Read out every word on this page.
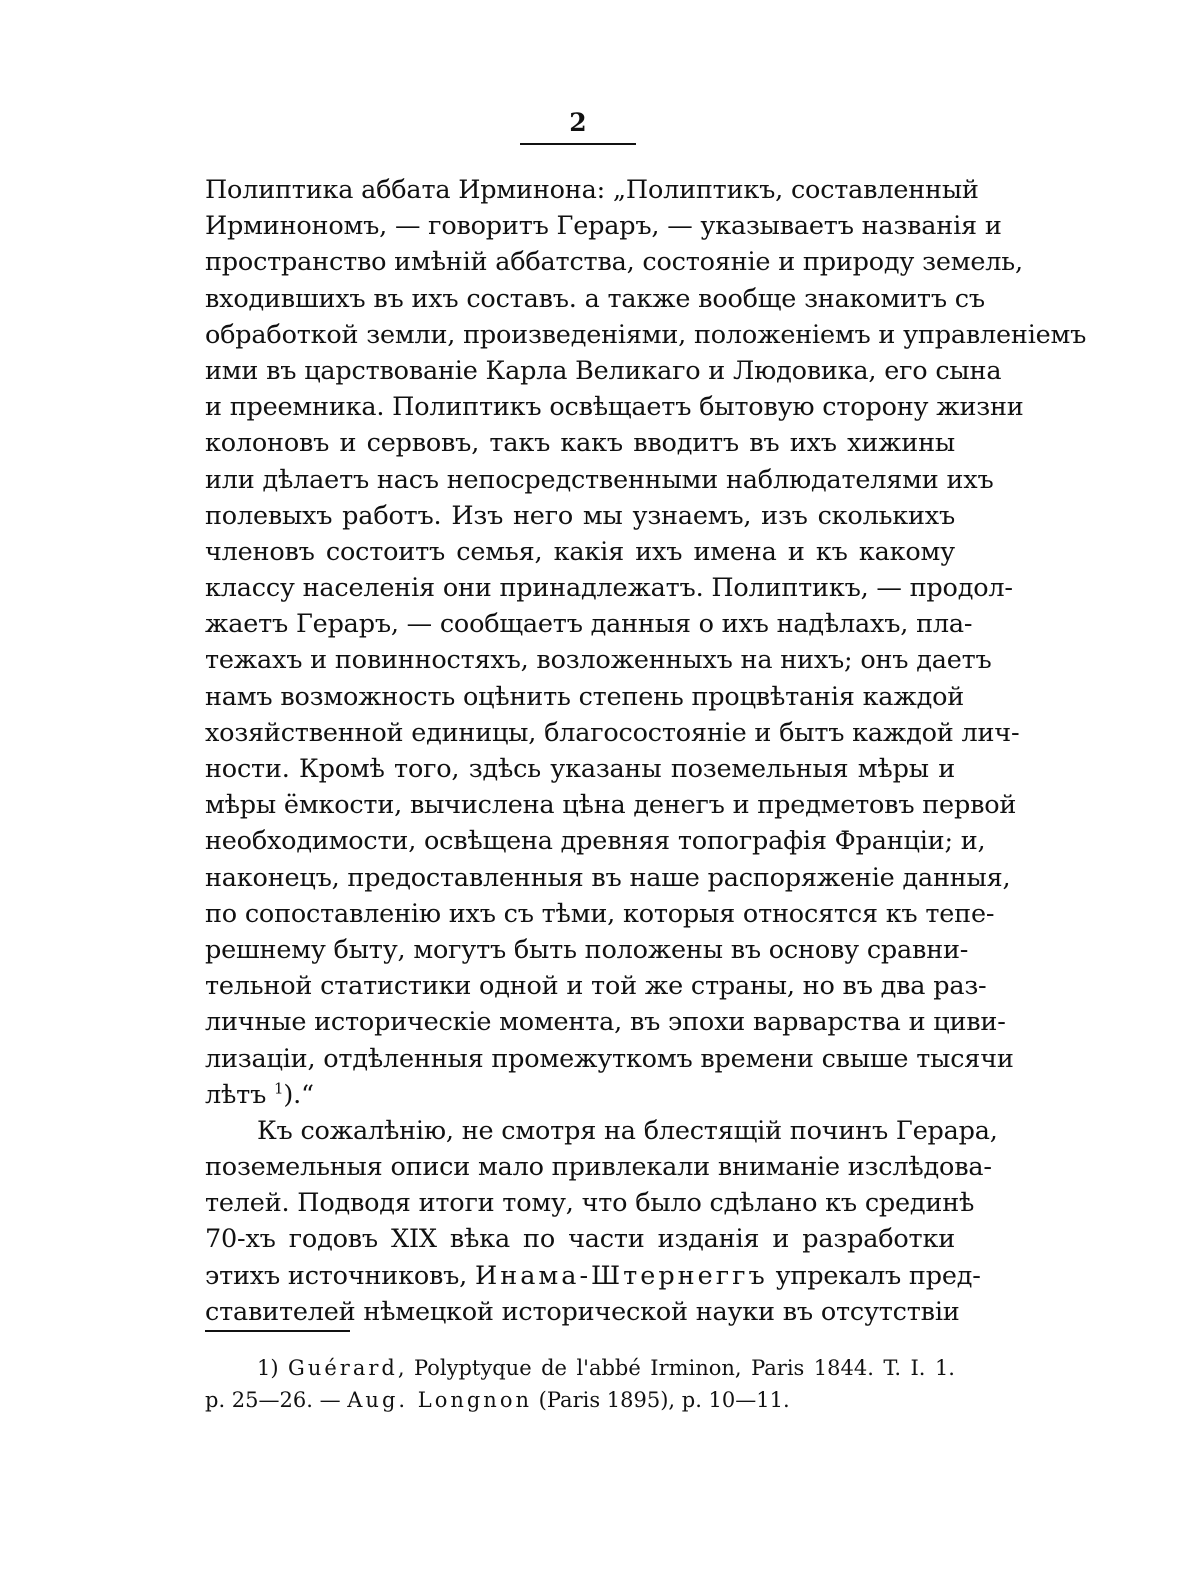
2
Полиптика аббата Ирминона: „Полиптикъ, составленный
Ирминономъ, — говоритъ Гераръ, — указываетъ названія и
пространство имѣній аббатства, состояніе и природу земель,
входившихъ въ ихъ составъ. а также вообще знакомитъ съ
обработкой земли, произведеніями, положеніемъ и управленіемъ
ими въ царствованіе Карла Великаго и Людовика, его сына
и преемника. Полиптикъ освѣщаетъ бытовую сторону жизни
колоновъ и сервовъ, такъ какъ вводитъ въ ихъ хижины
или дѣлаетъ насъ непосредственными наблюдателями ихъ
полевыхъ работъ. Изъ него мы узнаемъ, изъ сколькихъ
членовъ состоитъ семья, какія ихъ имена и къ какому
классу населенія они принадлежатъ. Полиптикъ, — продол-
жаетъ Гераръ, — сообщаетъ данныя о ихъ надѣлахъ, пла-
тежахъ и повинностяхъ, возложенныхъ на нихъ; онъ даетъ
намъ возможность оцѣнить степень процвѣтанія каждой
хозяйственной единицы, благосостояніе и бытъ каждой лич-
ности. Кромѣ того, здѣсь указаны поземельныя мѣры и
мѣры ёмкости, вычислена цѣна денегъ и предметовъ первой
необходимости, освѣщена древняя топографія Франціи; и,
наконецъ, предоставленныя въ наше распоряженіе данныя,
по сопоставленію ихъ съ тѣми, которыя относятся къ тепе-
решнему быту, могутъ быть положены въ основу сравни-
тельной статистики одной и той же страны, но въ два раз-
личные историческіе момента, въ эпохи варварства и циви-
лизаціи, отдѣленныя промежуткомъ времени свыше тысячи
лѣтъ $^1$).“
Къ сожалѣнію, не смотря на блестящій починъ Герара,
поземельныя описи мало привлекали вниманіе изслѣдова-
телей. Подводя итоги тому, что было сдѣлано къ срединѣ
70-хъ годовъ XIX вѣка по части изданія и разработки
этихъ источниковъ, Инама-Штернеггъ упрекалъ пред-
ставителей нѣмецкой исторической науки въ отсутствіи
1) Guérard, Polyptyque de l'abbé Irminon, Paris 1844. T. I. 1.
p. 25—26. — Aug. Longnon (Paris 1895), p. 10—11.
